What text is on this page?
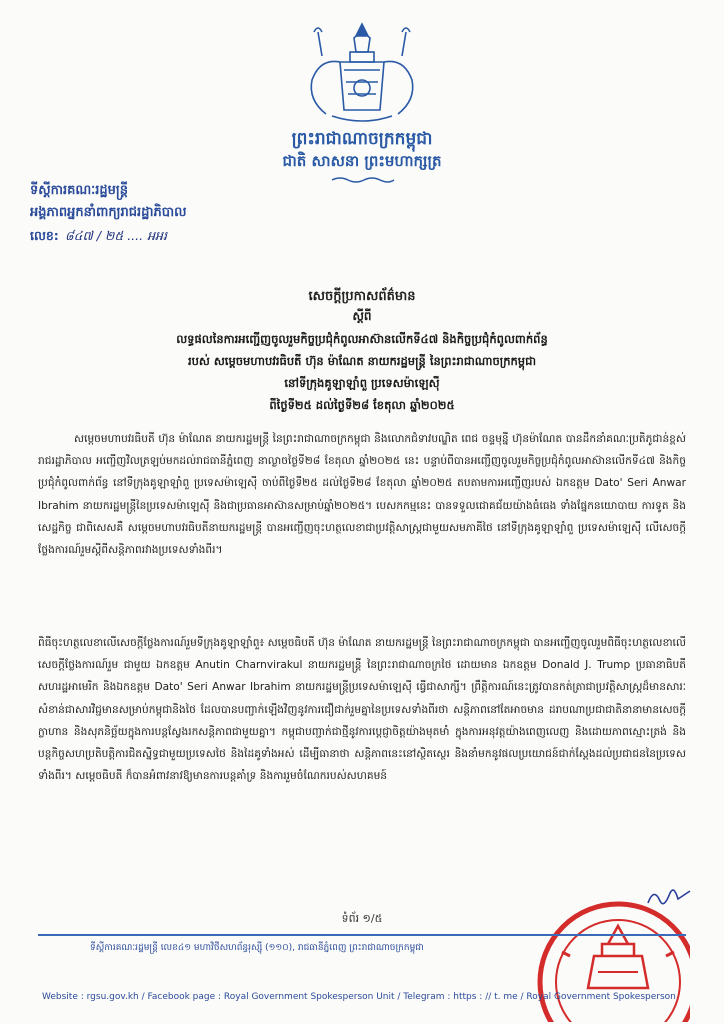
ព្រះរាជាណាចក្រកម្ពុជា
ជាតិ សាសនា ព្រះមហាក្សត្រ
ទីស្ដីការគណៈរដ្ឋមន្ត្រី
អង្គភាពអ្នកនាំពាក្យរាជរដ្ឋាភិបាល
លេខ: ៨៤៧ / ២៥ .... អអរ
សេចក្ដីប្រកាសព័ត៌មាន
ស្ដីពី
លទ្ធផលនៃការអញ្ជើញចូលរួមកិច្ចប្រជុំកំពូលអាស៊ានលើកទី៤៧ និងកិច្ចប្រជុំកំពូលពាក់ព័ន្ធ
របស់ សម្ដេចមហាបវរធិបតី ហ៊ុន ម៉ាណែត នាយករដ្ឋមន្ត្រី នៃព្រះរាជាណាចក្រកម្ពុជា
នៅទីក្រុងគូឡាឡាំពួ ប្រទេសម៉ាឡេស៊ី
ពីថ្ងៃទី២៥ ដល់ថ្ងៃទី២៨ ខែតុលា ឆ្នាំ២០២៥
សម្ដេចមហាបវរធិបតី ហ៊ុន ម៉ាណែត នាយករដ្ឋមន្ត្រី នៃព្រះរាជាណាចក្រកម្ពុជា និងលោកជំទាវបណ្ឌិត ពេជ ចន្ទមុន្នី ហ៊ុនម៉ាណែត បានដឹកនាំគណៈប្រតិភូជាន់ខ្ពស់រាជរដ្ឋាភិបាល អញ្ជើញវិលត្រឡប់មកដល់រាជធានីភ្នំពេញ នាល្ងាចថ្ងៃទី២៨ ខែតុលា ឆ្នាំ២០២៥ នេះ បន្ទាប់ពីបានអញ្ជើញចូលរួមកិច្ចប្រជុំកំពូលអាស៊ានលើកទី៤៧ និងកិច្ចប្រជុំកំពូលពាក់ព័ន្ធ នៅទីក្រុងគូឡាឡាំពួ ប្រទេសម៉ាឡេស៊ី ចាប់ពីថ្ងៃទី២៥ ដល់ថ្ងៃទី២៨ ខែតុលា ឆ្នាំ២០២៥ តបតាមការអញ្ជើញរបស់ ឯកឧត្តម Dato' Seri Anwar Ibrahim នាយករដ្ឋមន្ត្រីនៃប្រទេសម៉ាឡេស៊ី និងជាប្រធានអាស៊ានសម្រាប់ឆ្នាំ២០២៥។ បេសកកម្មនេះ បានទទួលជោគជ័យយ៉ាងធំធេង ទាំងផ្នែកនយោបាយ ការទូត និងសេដ្ឋកិច្ច ជាពិសេសគឺ សម្ដេចមហាបវរធិបតីនាយករដ្ឋមន្ត្រី បានអញ្ជើញចុះហត្ថលេខាជាប្រវត្តិសាស្ត្រជាមួយសមភាគីថៃ នៅទីក្រុងគូឡាឡាំពួ ប្រទេសម៉ាឡេស៊ី លើសេចក្ដីថ្លែងការណ៍រួមស្ដីពីសន្តិភាពរវាងប្រទេសទាំងពីរ។
ពិធីចុះហត្ថលេខាលើសេចក្ដីថ្លែងការណ៍រួមទីក្រុងគូឡាឡាំពួ៖ សម្ដេចធិបតី ហ៊ុន ម៉ាណែត នាយករដ្ឋមន្ត្រី នៃព្រះរាជាណាចក្រកម្ពុជា បានអញ្ជើញចូលរួមពិធីចុះហត្ថលេខាលើសេចក្ដីថ្លែងការណ៍រួម ជាមួយ ឯកឧត្តម Anutin Charnvirakul នាយករដ្ឋមន្ត្រី នៃព្រះរាជាណាចក្រថៃ ដោយមាន ឯកឧត្តម Donald J. Trump ប្រធានាធិបតីសហរដ្ឋអាមេរិក និងឯកឧត្តម Dato' Seri Anwar Ibrahim នាយករដ្ឋមន្ត្រីប្រទេសម៉ាឡេស៊ី ធ្វើជាសាក្សី។ ព្រឹត្តិការណ៍នេះត្រូវបានកត់ត្រាជាប្រវត្តិសាស្ត្រដ៏មានសារៈសំខាន់ជាសារវិជ្ជមានសម្រាប់កម្ពុជានិងថៃ ដែលបានបញ្ជាក់ឡើងវិញនូវការជឿជាក់រួមគ្នានៃប្រទេសទាំងពីរថា សន្តិភាពនៅតែអាចមាន ដរាបណាប្រជាជាតិនានាមានសេចក្ដីក្លាហាន និងសុភនិច្ឆ័យក្នុងការបន្តស្វែងរកសន្តិភាពជាមួយគ្នា។ កម្ពុជាបញ្ជាក់ជាថ្មីនូវការប្ដេជ្ញាចិត្តយ៉ាងមុតមាំ ក្នុងការអនុវត្តយ៉ាងពេញលេញ និងដោយភាពស្មោះត្រង់ និងបន្តកិច្ចសហប្រតិបត្តិការជិតស្និទ្ធជាមួយប្រទេសថៃ និងដៃគូទាំងអស់ ដើម្បីធានាថា សន្តិភាពនេះនៅស្ថិតស្ថេរ និងនាំមកនូវផលប្រយោជន៍ជាក់ស្ដែងដល់ប្រជាជននៃប្រទេសទាំងពីរ។ សម្ដេចធិបតី ក៏បានអំពាវនាវឱ្យមានការបន្តគាំទ្រ និងការរួមចំណែករបស់សហគមន៍
ទំព័រ ១/៥
ទីស្ដីការគណៈរដ្ឋមន្ត្រី លេខ៤១ មហាវិថីសហព័ន្ធរុស្ស៊ី (១១០), រាជធានីភ្នំពេញ ព្រះរាជាណាចក្រកម្ពុជា
Website : rgsu.gov.kh / Facebook page : Royal Government Spokesperson Unit / Telegram : https : // t. me / Royal Government Spokesperson
